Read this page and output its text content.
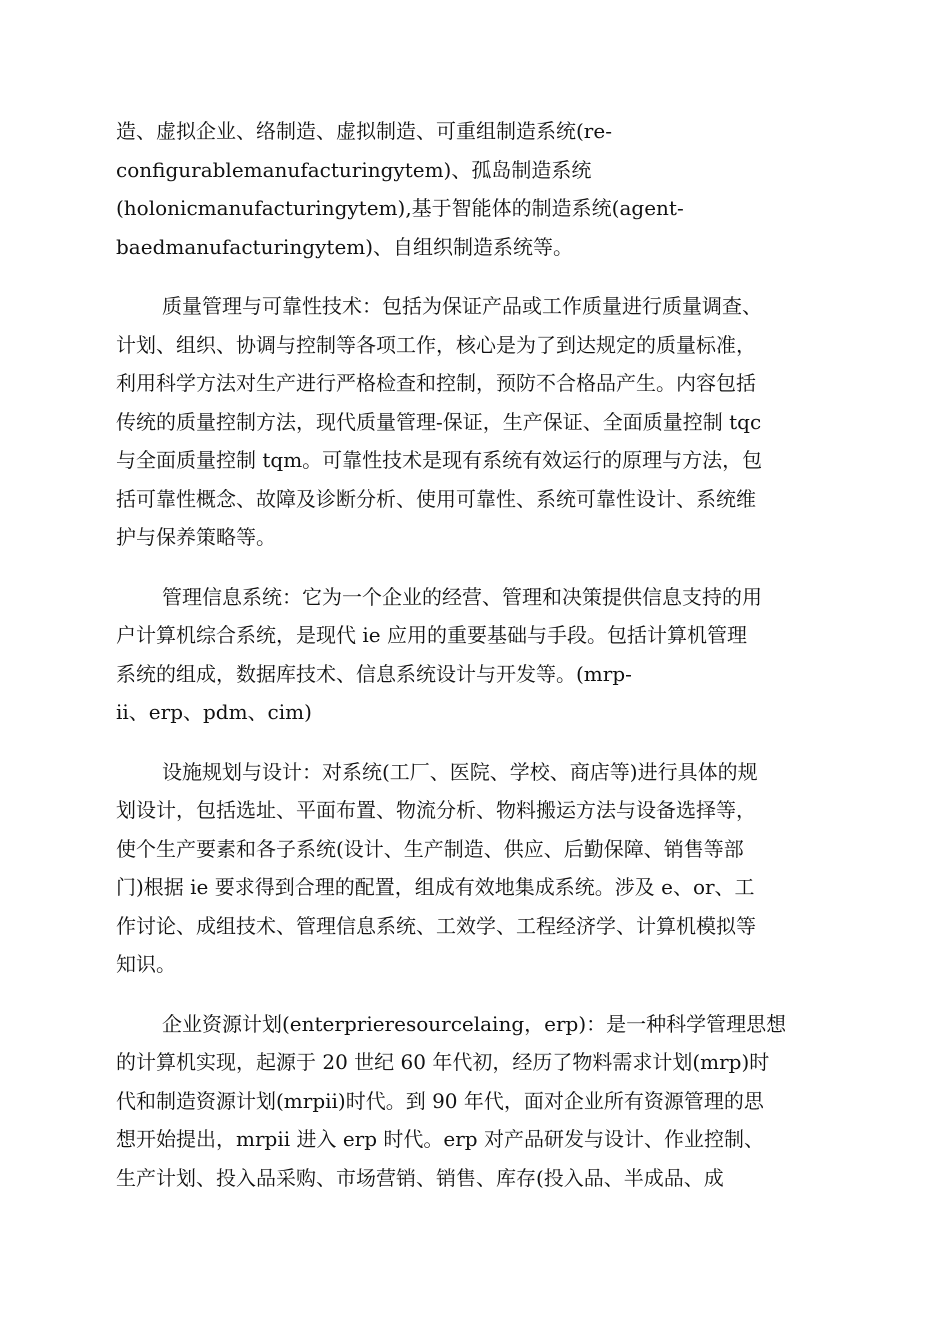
造、虚拟企业、络制造、虚拟制造、可重组制造系统(re-
configurablemanufacturingytem)、孤岛制造系统
(holonicmanufacturingytem),基于智能体的制造系统(agent-
baedmanufacturingytem)、自组织制造系统等。
质量管理与可靠性技术：包括为保证产品或工作质量进行质量调查、
计划、组织、协调与控制等各项工作，核心是为了到达规定的质量标准，
利用科学方法对生产进行严格检查和控制，预防不合格品产生。内容包括
传统的质量控制方法，现代质量管理-保证，生产保证、全面质量控制 tqc
与全面质量控制 tqm。可靠性技术是现有系统有效运行的原理与方法，包
括可靠性概念、故障及诊断分析、使用可靠性、系统可靠性设计、系统维
护与保养策略等。
管理信息系统：它为一个企业的经营、管理和决策提供信息支持的用
户计算机综合系统，是现代 ie 应用的重要基础与手段。包括计算机管理
系统的组成，数据库技术、信息系统设计与开发等。(mrp-
ii、erp、pdm、cim)
设施规划与设计：对系统(工厂、医院、学校、商店等)进行具体的规
划设计，包括选址、平面布置、物流分析、物料搬运方法与设备选择等，
使个生产要素和各子系统(设计、生产制造、供应、后勤保障、销售等部
门)根据 ie 要求得到合理的配置，组成有效地集成系统。涉及 e、or、工
作讨论、成组技术、管理信息系统、工效学、工程经济学、计算机模拟等
知识。
企业资源计划(enterprieresourcelaing，erp)：是一种科学管理思想
的计算机实现，起源于 20 世纪 60 年代初，经历了物料需求计划(mrp)时
代和制造资源计划(mrpⅱ)时代。到 90 年代，面对企业所有资源管理的思
想开始提出，mrpⅱ 进入 erp 时代。erp 对产品研发与设计、作业控制、
生产计划、投入品采购、市场营销、销售、库存(投入品、半成品、成
